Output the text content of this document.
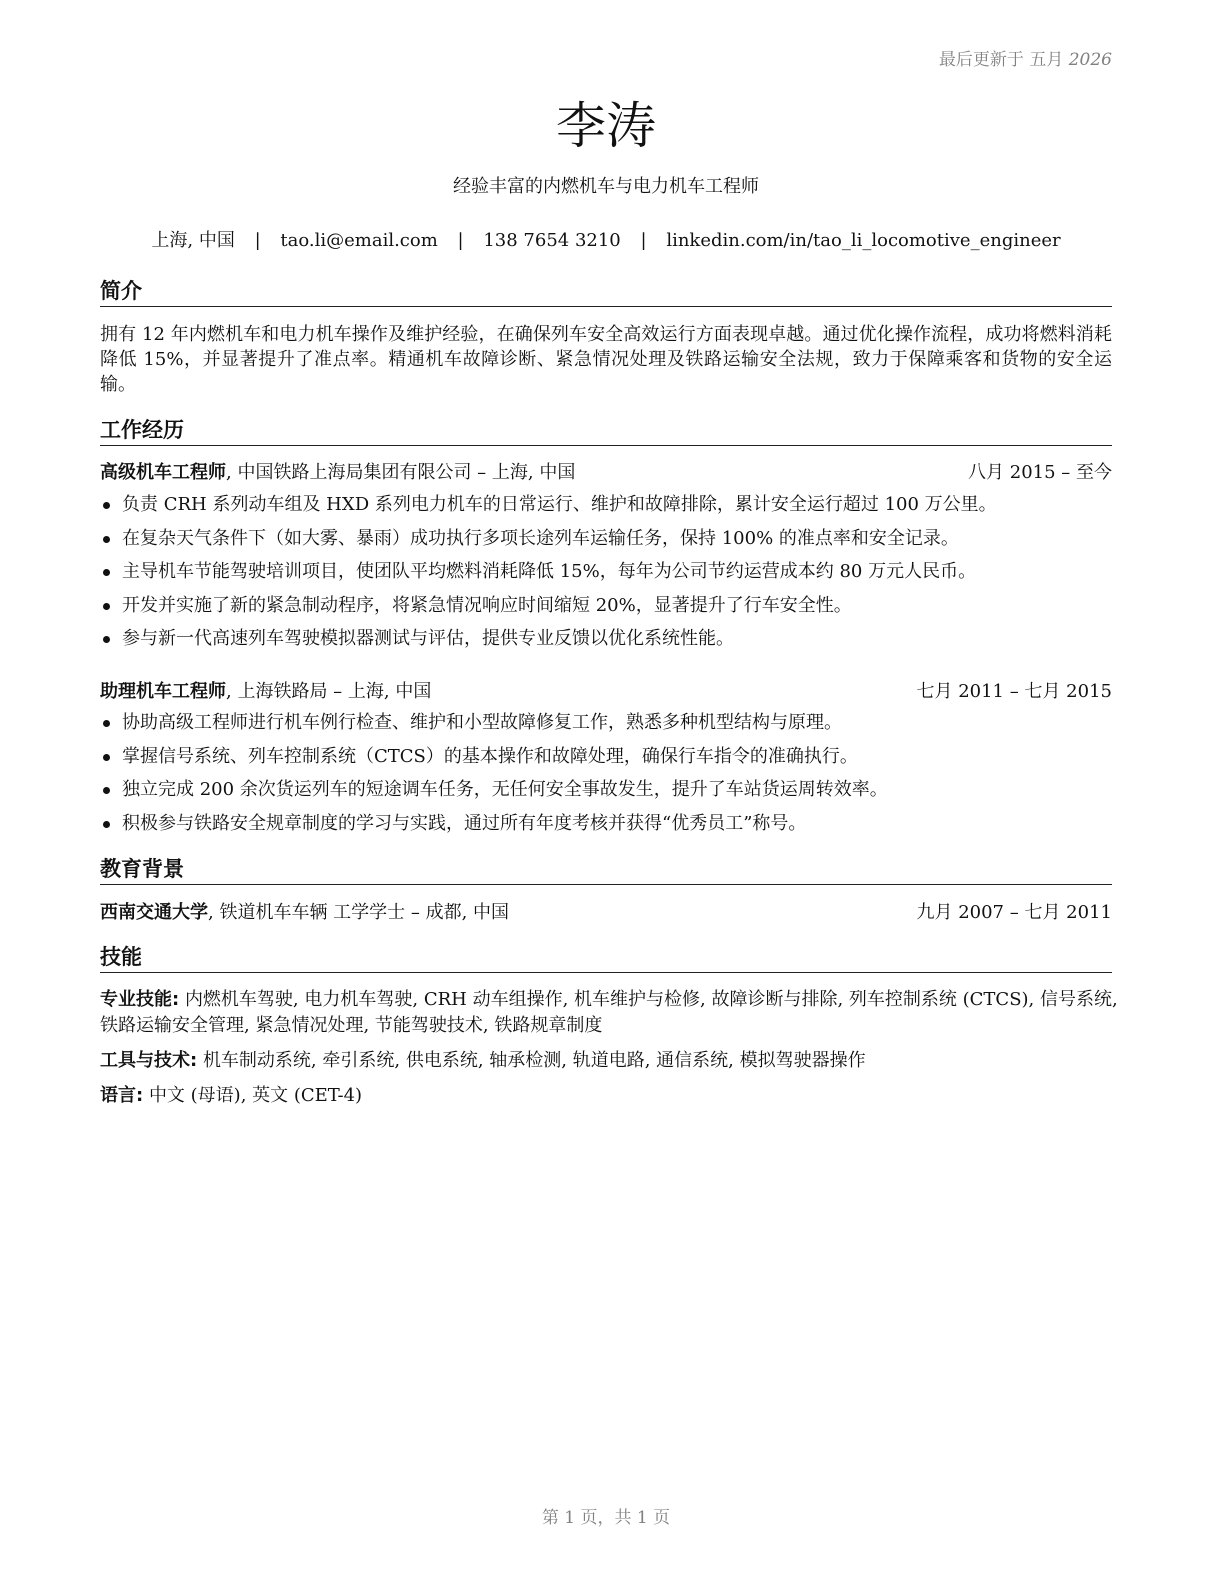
最后更新于 五月 2026
李涛
经验丰富的内燃机车与电力机车工程师
上海, 中国 | tao.li@email.com | 138 7654 3210 | linkedin.com/in/tao_li_locomotive_engineer
简介
拥有 12 年内燃机车和电力机车操作及维护经验，在确保列车安全高效运行方面表现卓越。通过优化操作流程，成功将燃料消耗降低 15%，并显著提升了准点率。精通机车故障诊断、紧急情况处理及铁路运输安全法规，致力于保障乘客和货物的安全运输。
工作经历
高级机车工程师, 中国铁路上海局集团有限公司 – 上海, 中国	八月 2015 – 至今
负责 CRH 系列动车组及 HXD 系列电力机车的日常运行、维护和故障排除，累计安全运行超过 100 万公里。
在复杂天气条件下（如大雾、暴雨）成功执行多项长途列车运输任务，保持 100% 的准点率和安全记录。
主导机车节能驾驶培训项目，使团队平均燃料消耗降低 15%，每年为公司节约运营成本约 80 万元人民币。
开发并实施了新的紧急制动程序，将紧急情况响应时间缩短 20%，显著提升了行车安全性。
参与新一代高速列车驾驶模拟器测试与评估，提供专业反馈以优化系统性能。
助理机车工程师, 上海铁路局 – 上海, 中国	七月 2011 – 七月 2015
协助高级工程师进行机车例行检查、维护和小型故障修复工作，熟悉多种机型结构与原理。
掌握信号系统、列车控制系统（CTCS）的基本操作和故障处理，确保行车指令的准确执行。
独立完成 200 余次货运列车的短途调车任务，无任何安全事故发生，提升了车站货运周转效率。
积极参与铁路安全规章制度的学习与实践，通过所有年度考核并获得“优秀员工”称号。
教育背景
西南交通大学, 铁道机车车辆 工学学士 – 成都, 中国	九月 2007 – 七月 2011
技能
专业技能: 内燃机车驾驶, 电力机车驾驶, CRH 动车组操作, 机车维护与检修, 故障诊断与排除, 列车控制系统 (CTCS), 信号系统, 铁路运输安全管理, 紧急情况处理, 节能驾驶技术, 铁路规章制度
工具与技术: 机车制动系统, 牵引系统, 供电系统, 轴承检测, 轨道电路, 通信系统, 模拟驾驶器操作
语言: 中文 (母语), 英文 (CET-4)
第 1 页，共 1 页
